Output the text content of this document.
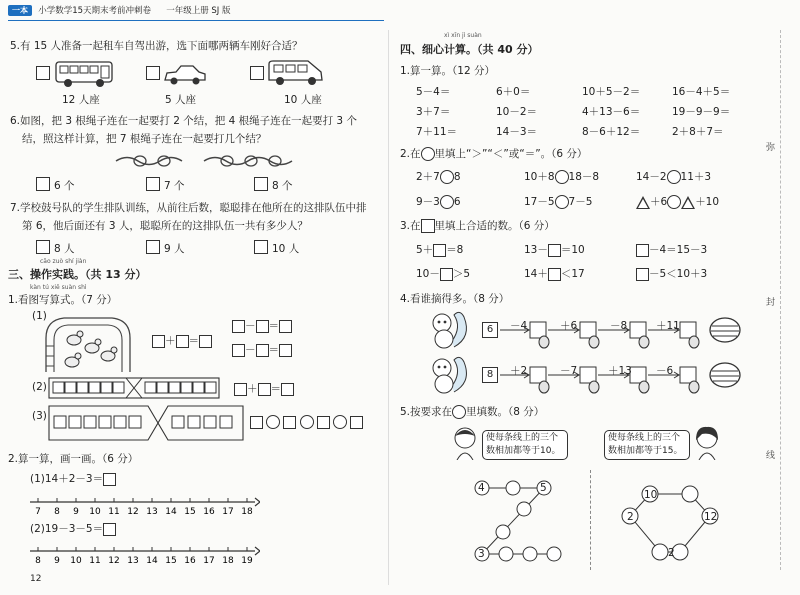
一本 小学数学15天期末考前冲刺卷 一年级上册 SJ 版
5.有 15 人准备一起租车自驾出游，选下面哪两辆车刚好合适？
12 人座	5 人座	10 人座
6.如图，把 3 根绳子连在一起要打 2 个结，把 4 根绳子连在一起要打 3 个
结，照这样计算，把 7 根绳子连在一起要打几个结？
6 个	7 个	8 个
7.学校鼓号队的学生排队训练，从前往后数，聪聪排在他所在的这排队伍中排
第 6，他后面还有 3 人，聪聪所在的这排队伍一共有多少人？
8 人	9 人	10 人
cāo zuò shí jiàn
三、操作实践。（共 13 分）
kàn tú xiě suàn shì
1.看图写算式。（7 分）
(1)
＋ ＝
－ ＝
－ ＝
(2)	＋ ＝
(3)

2.算一算，画一画。（6 分）
(1)14＋2－3＝
7 8 9 10 11 12 13 14 15 16 17 18
(2)19－3－5＝
8 9 10 11 12 13 14 15 16 17 18 19
12
xì xīn jì suàn
四、细心计算。（共 40 分）
1.算一算。（12 分）
5－4＝	6＋0＝	10＋5－2＝	16－4＋5＝
3＋7＝	10－2＝	4＋13－6＝	19－9－9＝
7＋11＝	14－3＝	8－6＋12＝	2＋8＋7＝
2.在 里填上“＞”“＜”或“＝”。（6 分）
2＋7 8	10＋8 18－8	14－2 11＋3
9－3 6	17－5 7－5	＋6	＋10
3.在 里填上合适的数。（6 分）
5＋ ＝8	13－ ＝10	－4＝15－3
10－ ＞5	14＋ ＜17	－5＜10＋3
4.看谁摘得多。（8 分）
6	－4	＋6	－8	＋11
8	＋2	－7	＋13 －6
5.按要求在 里填数。（8 分）
使每条线上的三个数相加都等于10。
使每条线上的三个数相加都等于15。
4	5
3
10
2	12
2
弥
封
线
